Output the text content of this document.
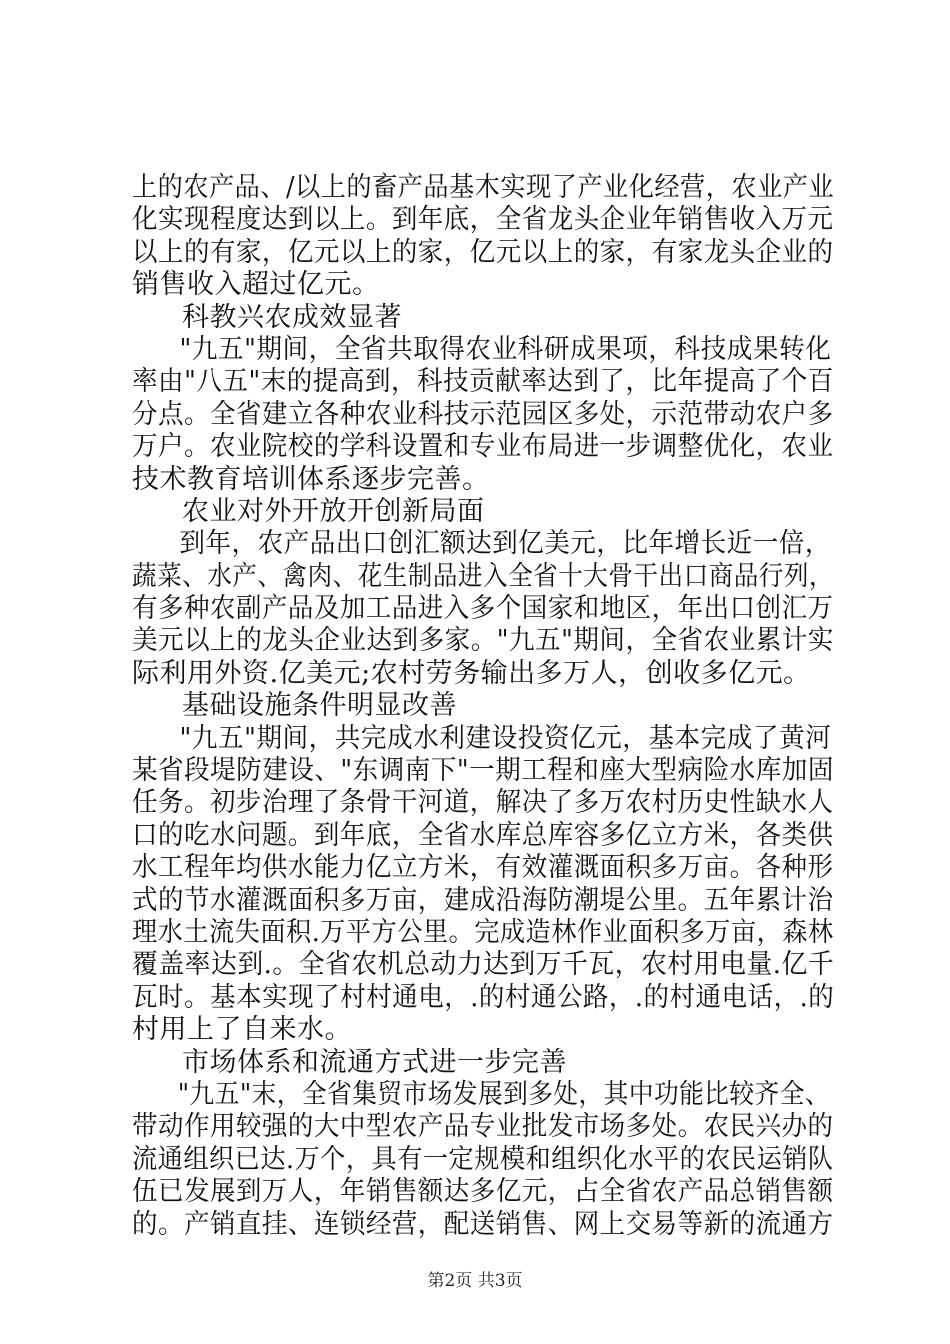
上的农产品、/以上的畜产品基木实现了产业化经营，农业产业
化实现程度达到以上。到年底，全省龙头企业年销售收入万元
以上的有家，亿元以上的家，亿元以上的家，有家龙头企业的
销售收入超过亿元。
科教兴农成效显著
"九五"期间，全省共取得农业科研成果项，科技成果转化
率由"八五"末的提高到，科技贡献率达到了，比年提高了个百
分点。全省建立各种农业科技示范园区多处，示范带动农户多
万户。农业院校的学科设置和专业布局进一步调整优化，农业
技术教育培训体系逐步完善。
农业对外开放开创新局面
到年，农产品出口创汇额达到亿美元，比年增长近一倍，
蔬菜、水产、禽肉、花生制品进入全省十大骨干出口商品行列，
有多种农副产品及加工品进入多个国家和地区，年出口创汇万
美元以上的龙头企业达到多家。"九五"期间，全省农业累计实
际利用外资.亿美元;农村劳务输出多万人，创收多亿元。
基础设施条件明显改善
"九五"期间，共完成水利建设投资亿元，基本完成了黄河
某省段堤防建设、"东调南下"一期工程和座大型病险水库加固
任务。初步治理了条骨干河道，解决了多万农村历史性缺水人
口的吃水问题。到年底，全省水库总库容多亿立方米，各类供
水工程年均供水能力亿立方米，有效灌溉面积多万亩。各种形
式的节水灌溉面积多万亩，建成沿海防潮堤公里。五年累计治
理水土流失面积.万平方公里。完成造林作业面积多万亩，森林
覆盖率达到.。全省农机总动力达到万千瓦，农村用电量.亿千
瓦时。基本实现了村村通电，.的村通公路，.的村通电话，.的
村用上了自来水。
市场体系和流通方式进一步完善
"九五"末，全省集贸市场发展到多处，其中功能比较齐全、
带动作用较强的大中型农产品专业批发市场多处。农民兴办的
流通组织已达.万个，具有一定规模和组织化水平的农民运销队
伍已发展到万人，年销售额达多亿元，占全省农产品总销售额
的。产销直挂、连锁经营，配送销售、网上交易等新的流通方
第2页 共3页
